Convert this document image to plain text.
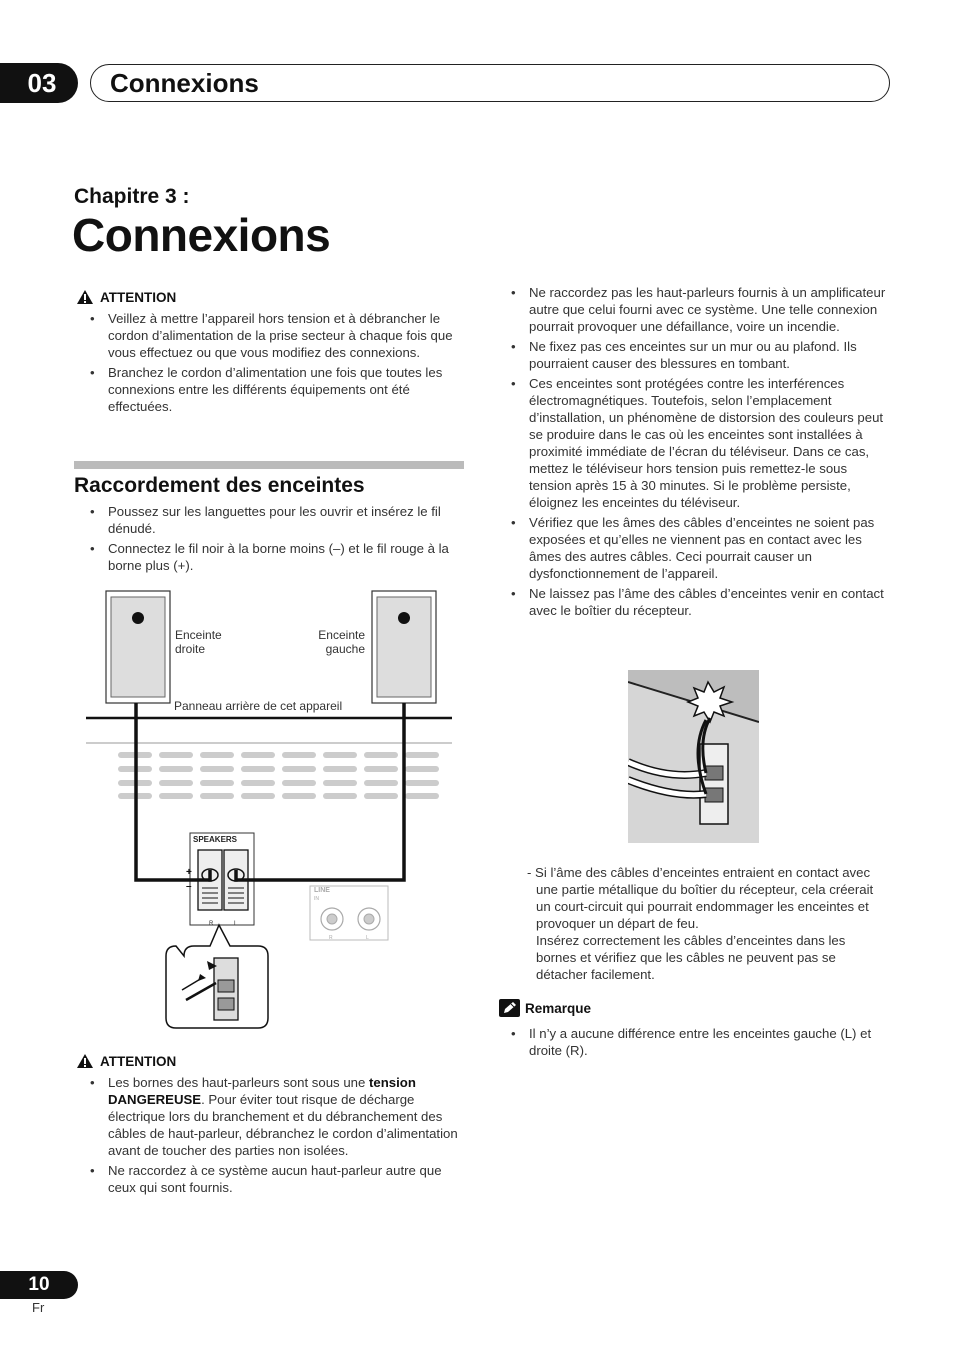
03	Connexions
Chapitre 3 :
Connexions
ATTENTION
• Veillez à mettre l’appareil hors tension et à débrancher le cordon d’alimentation de la prise secteur à chaque fois que vous effectuez ou que vous modifiez des connexions.
• Branchez le cordon d’alimentation une fois que toutes les connexions entre les différents équipements ont été effectuées.
Raccordement des enceintes
• Poussez sur les languettes pour les ouvrir et insérez le fil dénudé.
• Connectez le fil noir à la borne moins (–) et le fil rouge à la borne plus (+).
Enceinte droite
Enceinte gauche
Panneau arrière de cet appareil
SPEAKERS
+
–
R	L
LINE
IN
R	L
ATTENTION
• Les bornes des haut-parleurs sont sous une tension DANGEREUSE. Pour éviter tout risque de décharge électrique lors du branchement et du débranchement des câbles de haut-parleur, débranchez le cordon d’alimentation avant de toucher des parties non isolées.
• Ne raccordez à ce système aucun haut-parleur autre que ceux qui sont fournis.
• Ne raccordez pas les haut-parleurs fournis à un amplificateur autre que celui fourni avec ce système. Une telle connexion pourrait provoquer une défaillance, voire un incendie.
• Ne fixez pas ces enceintes sur un mur ou au plafond. Ils pourraient causer des blessures en tombant.
• Ces enceintes sont protégées contre les interférences électromagnétiques. Toutefois, selon l’emplacement d’installation, un phénomène de distorsion des couleurs peut se produire dans le cas où les enceintes sont installées à proximité immédiate de l’écran du téléviseur. Dans ce cas, mettez le téléviseur hors tension puis remettez-le sous tension après 15 à 30 minutes. Si le problème persiste, éloignez les enceintes du téléviseur.
• Vérifiez que les âmes des câbles d’enceintes ne soient pas exposées et qu’elles ne viennent pas en contact avec les âmes des autres câbles. Ceci pourrait causer un dysfonctionnement de l’appareil.
• Ne laissez pas l’âme des câbles d’enceintes venir en contact avec le boîtier du récepteur.
- Si l’âme des câbles d’enceintes entraient en contact avec une partie métallique du boîtier du récepteur, cela créerait un court-circuit qui pourrait endommager les enceintes et provoquer un départ de feu.
Insérez correctement les câbles d’enceintes dans les bornes et vérifiez que les câbles ne peuvent pas se détacher facilement.
Remarque
• Il n’y a aucune différence entre les enceintes gauche (L) et droite (R).
10
Fr
